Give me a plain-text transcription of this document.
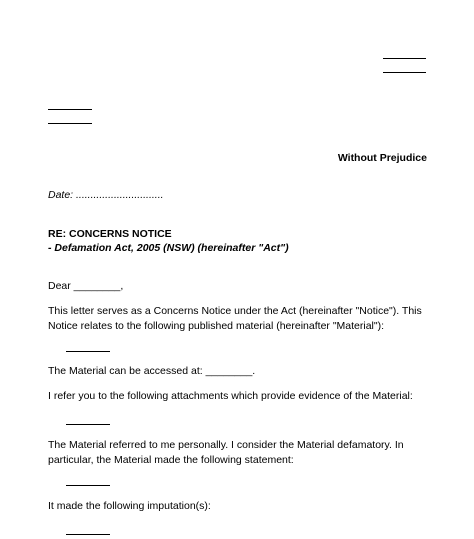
Without Prejudice
Date: ..............................
RE: CONCERNS NOTICE
- Defamation Act, 2005 (NSW) (hereinafter "Act")
Dear ________,
This letter serves as a Concerns Notice under the Act (hereinafter "Notice"). This
Notice relates to the following published material (hereinafter "Material"):
The Material can be accessed at: ________.
I refer you to the following attachments which provide evidence of the Material:
The Material referred to me personally. I consider the Material defamatory. In
particular, the Material made the following statement:
It made the following imputation(s):
